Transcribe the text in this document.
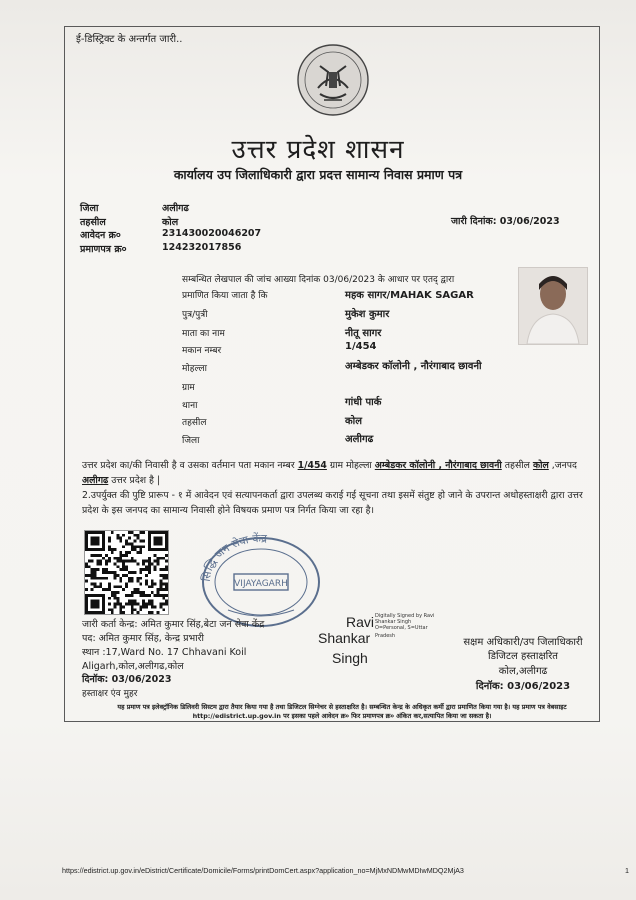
ई-डिस्ट्रिक्ट के अन्तर्गत जारी..
उत्तर प्रदेश शासन
कार्यालय उप जिलाधिकारी द्वारा प्रदत्त सामान्य निवास प्रमाण पत्र
जिला	अलीगढ
तहसील	कोल
आवेदन क्र०	231430020046207
प्रमाणपत्र क्र०	124232017856
जारी दिनांक: 03/06/2023
सम्बन्धित लेखपाल की जांच आख्या दिनांक 03/06/2023 के आधार पर एतद् द्वारा
प्रमाणित किया जाता है कि	महक सागर/MAHAK SAGAR
पुत्र/पुत्री	मुकेश कुमार
माता का नाम	नीतू सागर
मकान नम्बर	1/454
मोहल्ला	अम्बेडकर कॉलोनी , नौरंगाबाद छावनी
ग्राम
थाना	गांधी पार्क
तहसील	कोल
जिला	अलीगढ
उत्तर प्रदेश का/की निवासी है व उसका वर्तमान पता मकान नम्बर 1/454 ग्राम मोहल्ला अम्बेडकर कॉलोनी , नौरंगाबाद छावनी तहसील कोल ,जनपद अलीगढ उत्तर प्रदेश है |
2.उपर्युक्त की पुष्टि प्रारूप - १ में आवेदन एवं सत्यापनकर्ता द्वारा उपलब्ध कराई गई सूचना तथा इसमें संतुष्ट हो जाने के उपरान्त अधोहस्ताक्षरी द्वारा उत्तर प्रदेश के इस जनपद का सामान्य निवासी होने विषयक प्रमाण पत्र निर्गत किया जा रहा है।
सिद्धि जन सेवा केंद्र
VIJAYAGARH
जारी कर्ता केन्द्र: अमित कुमार सिंह,बेटा जन सेवा केंद्र
पद: अमित कुमार सिंह, केन्द्र प्रभारी
स्थान :17,Ward No. 17 Chhavani Koil
Aligarh,कोल,अलीगढ,कोल
दिनॉक: 03/06/2023
हस्ताक्षर एंव मुहर
Ravi
Shankar
Singh
Digitally Signed by Ravi
Shankar Singh
O=Personal, S=Uttar
Pradesh
सक्षम अधिकारी/उप जिलाधिकारी
डिजिटल हस्ताक्षरित
कोल,अलीगढ
दिनॉक: 03/06/2023
यह प्रमाण पत्र इलेक्ट्रॉनिक डिलिवरी सिस्टम द्वारा तैयार किया गया है तथा डिजिटल सिग्नेचर से हस्ताक्षरित है। सम्बन्धित केन्द्र के अधिकृत कर्मी द्वारा प्रमाणित किया गया है। यह प्रमाण पत्र वेबसाइट http://edistrict.up.gov.in पर इसका पहले आवेदन क्र० फिर प्रमाणपत्र क्र० अंकित कर,सत्यापित किया जा सकता है।
https://edistrict.up.gov.in/eDistrict/Certificate/Domicile/Forms/printDomCert.aspx?application_no=MjMxNDMwMDIwMDQ2MjA3	1
